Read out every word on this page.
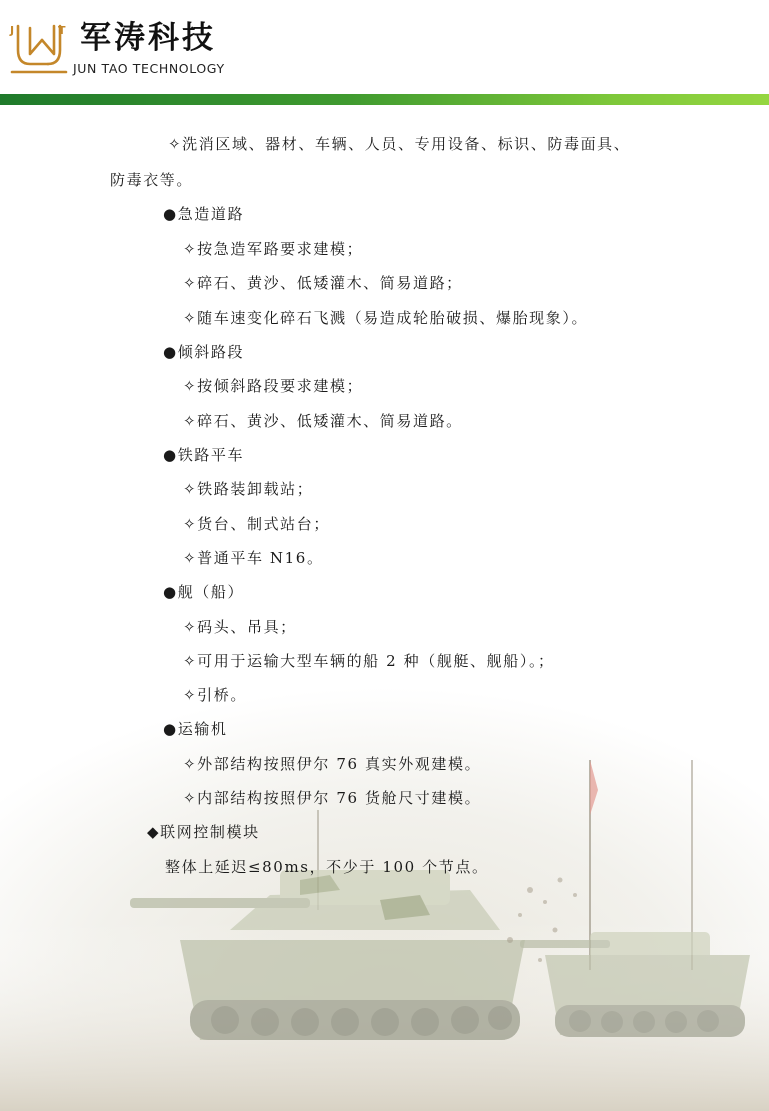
J	T 军涛科技
JUN TAO TECHNOLOGY
✧洗消区域、器材、车辆、人员、专用设备、标识、防毒面具、
防毒衣等。
●急造道路
✧按急造军路要求建模；
✧碎石、黄沙、低矮灌木、简易道路；
✧随车速变化碎石飞溅（易造成轮胎破损、爆胎现象）。
●倾斜路段
✧按倾斜路段要求建模；
✧碎石、黄沙、低矮灌木、简易道路。
●铁路平车
✧铁路装卸载站；
✧货台、制式站台；
✧普通平车 N16。
●舰（船）
✧码头、吊具；
✧可用于运输大型车辆的船 2 种（舰艇、舰船）。；
✧引桥。
●运输机
✧外部结构按照伊尔 76 真实外观建模。
✧内部结构按照伊尔 76 货舱尺寸建模。
◆联网控制模块
整体上延迟≤80ms，不少于 100 个节点。
